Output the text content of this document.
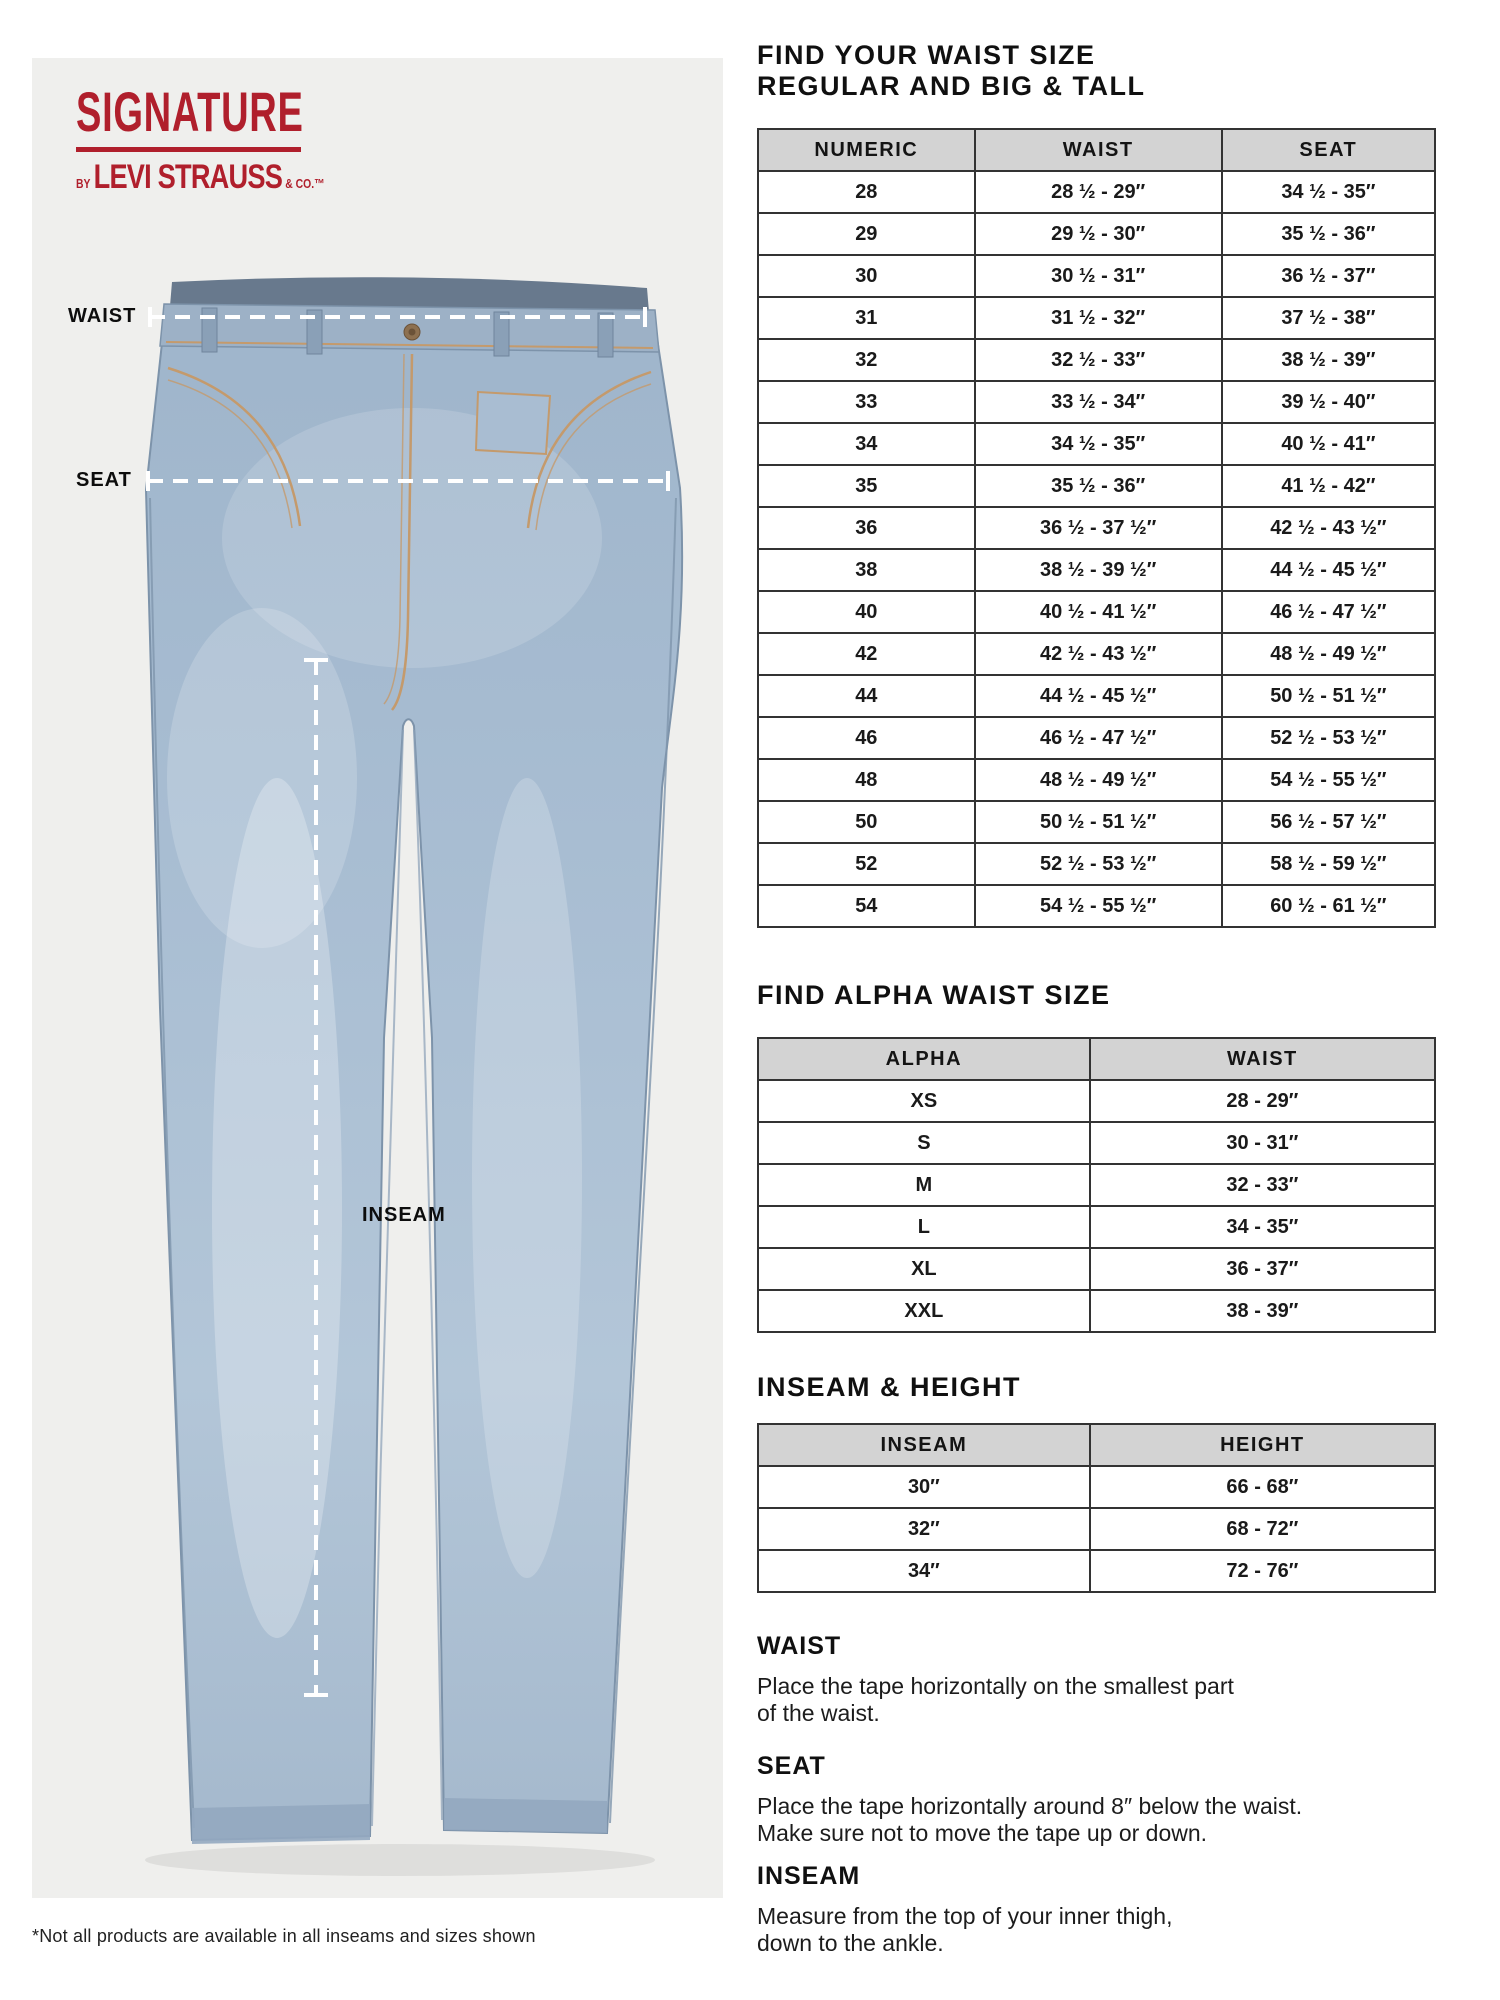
SIGNATURE
BY LEVI STRAUSS & CO.™
WAIST
SEAT
INSEAM
FIND YOUR WAIST SIZE
REGULAR AND BIG & TALL
NUMERIC	WAIST	SEAT
28	28 ½ - 29″	34 ½ - 35″
29	29 ½ - 30″	35 ½ - 36″
30	30 ½ - 31″	36 ½ - 37″
31	31 ½ - 32″	37 ½ - 38″
32	32 ½ - 33″	38 ½ - 39″
33	33 ½ - 34″	39 ½ - 40″
34	34 ½ - 35″	40 ½ - 41″
35	35 ½ - 36″	41 ½ - 42″
36	36 ½ - 37 ½″	42 ½ - 43 ½″
38	38 ½ - 39 ½″	44 ½ - 45 ½″
40	40 ½ - 41 ½″	46 ½ - 47 ½″
42	42 ½ - 43 ½″	48 ½ - 49 ½″
44	44 ½ - 45 ½″	50 ½ - 51 ½″
46	46 ½ - 47 ½″	52 ½ - 53 ½″
48	48 ½ - 49 ½″	54 ½ - 55 ½″
50	50 ½ - 51 ½″	56 ½ - 57 ½″
52	52 ½ - 53 ½″	58 ½ - 59 ½″
54	54 ½ - 55 ½″	60 ½ - 61 ½″
FIND ALPHA WAIST SIZE
ALPHA	WAIST
XS	28 - 29″
S	30 - 31″
M	32 - 33″
L	34 - 35″
XL	36 - 37″
XXL	38 - 39″
INSEAM & HEIGHT
INSEAM	HEIGHT
30″	66 - 68″
32″	68 - 72″
34″	72 - 76″
WAIST

Place the tape horizontally on the smallest part
of the waist.

SEAT

Place the tape horizontally around 8″ below the waist.
Make sure not to move the tape up or down.

INSEAM

Measure from the top of your inner thigh,
down to the ankle.

*Not all products are available in all inseams and sizes shown
